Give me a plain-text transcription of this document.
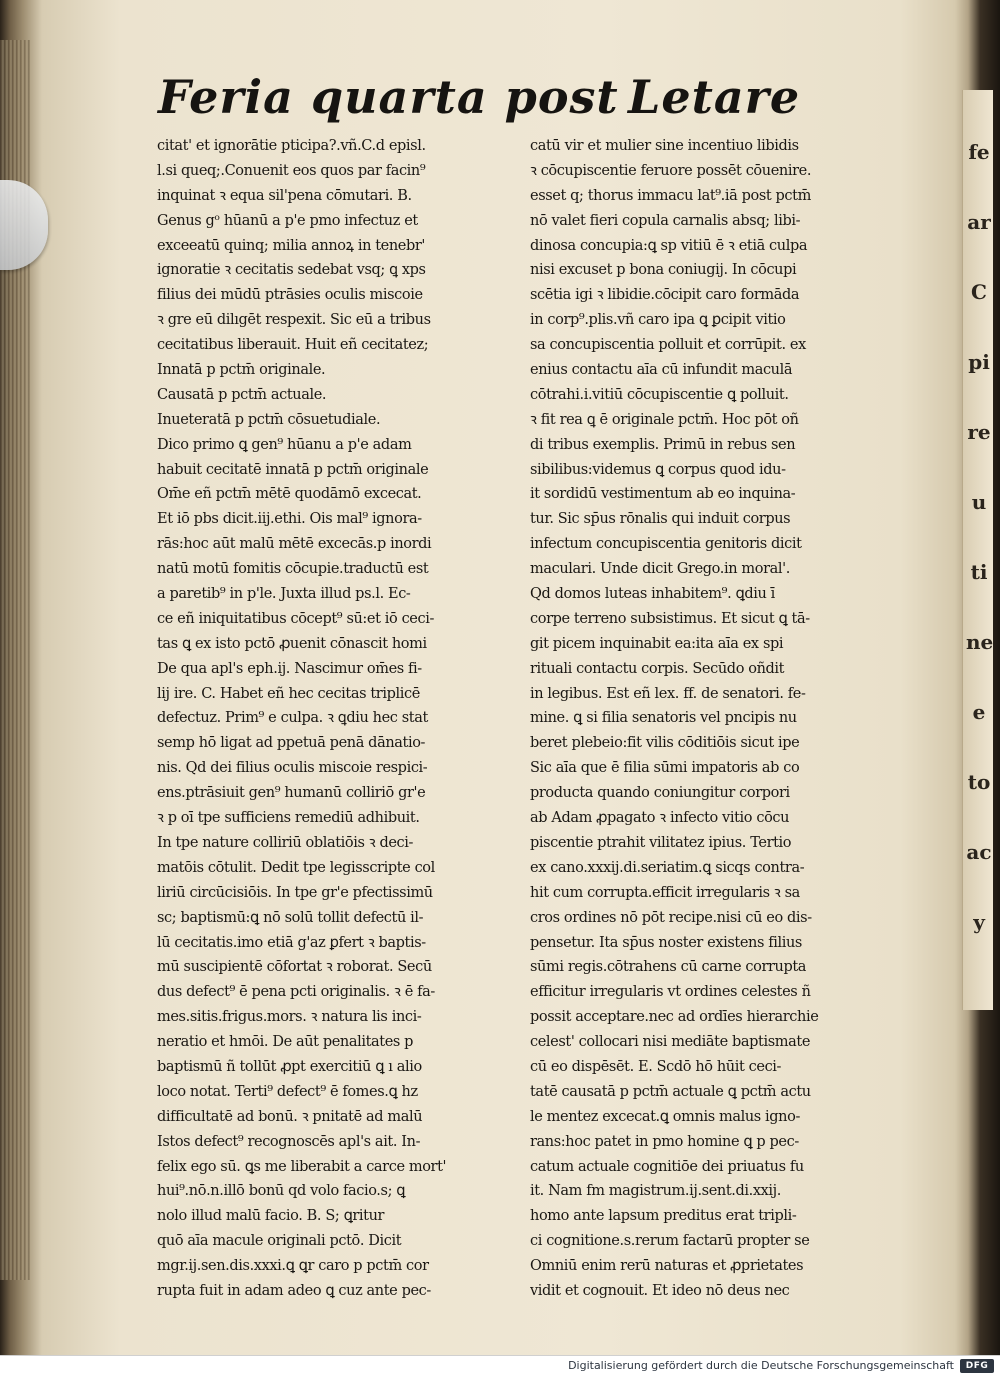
Feria quarta post Letare
citat' et ignorātie pticipa?.vñ.C.d episl.
l.si queq;.Conuenit eos quos par facin⁹
inquinat ꝛ equa sil'pena cōmutari. B.
Genus gᵒ hūanū a p'e pmo infectuz et
exceeatū quinq; milia annoꝝ in tenebr'
ignoratie ꝛ cecitatis sedebat vsq; ꝗ xps
filius dei mūdū ptrāsies oculis miscoie
ꝛ gre eū dilıgēt respexit. Sic eū a tribus
cecitatibus liberauit. Huit eñ cecitatez;
Innatā p pctm̄ originale.
Causatā p pctm̄ actuale.
Inueteratā p pctm̄ cōsuetudiale.
Dico primo ꝗ gen⁹ hūanu a p'e adam
habuit cecitatē innatā p pctm̄ originale
Om̄e eñ pctm̄ mētē quodāmō excecat.
Et iō pbs dicit.iij.ethi. Ois mal⁹ ignora-
rās:hoc aūt malū mētē excecās.p inordi
natū motū fomitis cōcupie.traductū est
a paretib⁹ in p'le. Juxta illud ps.l. Ec-
ce eñ iniquitatibus cōcept⁹ sū:et iō ceci-
tas ꝗ ex isto pctō ꝓuenit cōnascit homi
De qua apl's eph.ij. Nascimur om̄es fi-
lij ire. C. Habet eñ hec cecitas triplicē
defectuz. Prim⁹ e culpa. ꝛ ꝗdiu hec stat
semp hō ligat ad ppetuā penā dānatio-
nis. Qd dei filius oculis miscoie respici-
ens.ptrāsiuit gen⁹ humanū colliriō gr'e
ꝛ p oī tpe sufficiens remediū adhibuit.
In tpe nature colliriū oblatiōis ꝛ deci-
matōis cōtulit. Dedit tpe legisscripte col
liriū circūcisiōis. In tpe gr'e pfectissimū
sc; baptismū:ꝗ nō solū tollit defectū il-
lū cecitatis.imo etiā g'az ꝑfert ꝛ baptis-
mū suscipientē cōfortat ꝛ roborat. Secū
dus defect⁹ ē pena pcti originalis. ꝛ ē fa-
mes.sitis.frigus.mors. ꝛ natura lis inci-
neratio et hmōi. De aūt penalitates p
baptismū ñ tollūt ꝓpt exercitiū ꝗ ı alio
loco notat. Terti⁹ defect⁹ ē fomes.ꝗ hz
difficultatē ad bonū. ꝛ pnitatē ad malū
Istos defect⁹ recognoscēs apl's ait. In-
felix ego sū. ꝗs me liberabit a carce mort'
hui⁹.nō.n.illō bonū qd volo facio.s; ꝗ
nolo illud malū facio. B. S; ꝗritur
quō aīa macule originali pctō. Dicit
mgr.ij.sen.dis.xxxi.ꝗ ꝗr caro p pctm̄ cor
rupta fuit in adam adeo ꝗ cuz ante pec-
catū vir et mulier sine incentiuo libidis
ꝛ cōcupiscentie feruore possēt cōuenire.
esset q; thorus immacu lat⁹.iā post pctm̄
nō valet fieri copula carnalis absq; libi-
dinosa concupia:ꝗ sp vitiū ē ꝛ etiā culpa
nisi excuset p bona coniugij. In cōcupi
scētia igi ꝛ libidie.cōcipit caro formāda
in corp⁹.plis.vñ caro ipa ꝗ ꝑcipit vitio
sa concupiscentia polluit et corrūpit. ex
enius contactu aīa cū infundit maculā
cōtrahi.i.vitiū cōcupiscentie ꝗ polluit.
ꝛ fit rea ꝗ ē originale pctm̄. Hoc pōt oñ
di tribus exemplis. Primū in rebus sen
sibilibus:videmus ꝗ corpus quod idu-
it sordidū vestimentum ab eo inquina-
tur. Sic sp̄us rōnalis qui induit corpus
infectum concupiscentia genitoris dicit
maculari. Unde dicit Grego.in moral'.
Qd domos luteas inhabitem⁹. ꝗdiu ī
corpe terreno subsistimus. Et sicut ꝗ tā-
git picem inquinabit ea:ita aīa ex spi
rituali contactu corpis. Secūdo oñdit
in legibus. Est eñ lex. ff. de senatori. fe-
mine. ꝗ si filia senatoris vel pncipis nu
beret plebeio:fit vilis cōditiōis sicut ipe
Sic aīa que ē filia sūmi impatoris ab co
producta quando coniungitur corpori
ab Adam ꝓpagato ꝛ infecto vitio cōcu
piscentie ptrahit vilitatez ipius. Tertio
ex cano.xxxij.di.seriatim.ꝗ sicqs contra-
hit cum corrupta.efficit irregularis ꝛ sa
cros ordines nō pōt recipe.nisi cū eo dis-
pensetur. Ita sp̄us noster existens filius
sūmi regis.cōtrahens cū carne corrupta
efficitur irregularis vt ordines celestes ñ
possit acceptare.nec ad ordīes hierarchie
celest' collocari nisi mediāte baptismate
cū eo dispēsēt. E. Scdō hō hūit ceci-
tatē causatā p pctm̄ actuale ꝗ pctm̄ actu
le mentez excecat.ꝗ omnis malus igno-
rans:hoc patet in pmo homine ꝗ p pec-
catum actuale cognitiōe dei priuatus fu
it. Nam fm magistrum.ij.sent.di.xxij.
homo ante lapsum preditus erat tripli-
ci cognitione.s.rerum factarū propter se
Omniū enim rerū naturas et ꝓprietates
vidit et cognouit. Et ideo nō deus nec
fe
ar
C
pi
re
u
ti
ne
e
to
ac
y
Digitalisierung gefördert durch die Deutsche Forschungsgemeinschaft	DFG
